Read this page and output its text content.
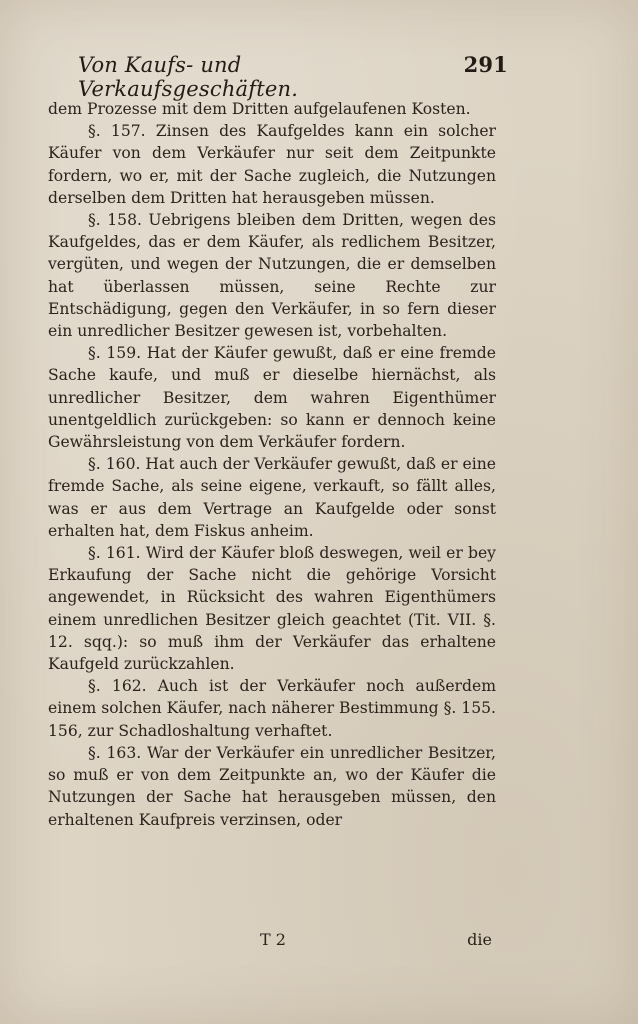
Von Kaufs- und Verkaufsgeschäften.
291

dem Prozesse mit dem Dritten aufgelaufenen Kosten.

§. 157. Zinsen des Kaufgeldes kann ein solcher Käufer von dem Verkäufer nur seit dem Zeitpunkte fordern, wo er, mit der Sache zugleich, die Nutzungen derselben dem Dritten hat herausgeben müssen.

§. 158. Uebrigens bleiben dem Dritten, wegen des Kaufgeldes, das er dem Käufer, als redlichem Besitzer, vergüten, und wegen der Nutzungen, die er demselben hat überlassen müssen, seine Rechte zur Entschädigung, gegen den Verkäufer, in so fern dieser ein unredlicher Besitzer gewesen ist, vorbehalten.

§. 159. Hat der Käufer gewußt, daß er eine fremde Sache kaufe, und muß er dieselbe hiernächst, als unredlicher Besitzer, dem wahren Eigenthümer unentgeldlich zurückgeben: so kann er dennoch keine Gewährsleistung von dem Verkäufer fordern.

§. 160. Hat auch der Verkäufer gewußt, daß er eine fremde Sache, als seine eigene, verkauft, so fällt alles, was er aus dem Vertrage an Kaufgelde oder sonst erhalten hat, dem Fiskus anheim.

§. 161. Wird der Käufer bloß deswegen, weil er bey Erkaufung der Sache nicht die gehörige Vorsicht angewendet, in Rücksicht des wahren Eigenthümers einem unredlichen Besitzer gleich geachtet (Tit. VII. §. 12. sqq.): so muß ihm der Verkäufer das erhaltene Kaufgeld zurückzahlen.

§. 162. Auch ist der Verkäufer noch außerdem einem solchen Käufer, nach näherer Bestimmung §. 155. 156, zur Schadloshaltung verhaftet.

§. 163. War der Verkäufer ein unredlicher Besitzer, so muß er von dem Zeitpunkte an, wo der Käufer die Nutzungen der Sache hat herausgeben müssen, den erhaltenen Kaufpreis verzinsen, oder

T 2	die
